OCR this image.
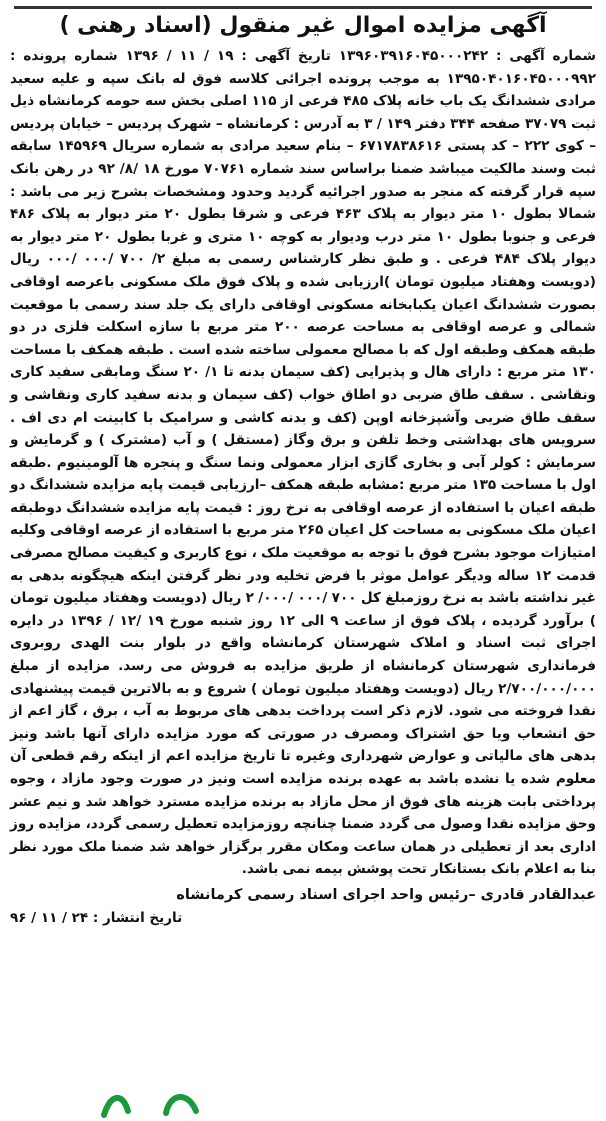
آگهی مزایده اموال غیر منقول (اسناد رهنی )

شماره آگهی : ۱۳۹۶۰۳۹۱۶۰۴۵۰۰۰۲۴۲ تاریخ آگهی : ۱۹ / ۱۱ / ۱۳۹۶ شماره پرونده : ۱۳۹۵۰۴۰۱۶۰۴۵۰۰۰۹۹۲ به موجب پرونده اجرائی کلاسه فوق له بانک سپه و علیه سعید مرادی ششدانگ یک باب خانه پلاک ۴۸۵ فرعی از ۱۱۵ اصلی بخش سه حومه کرمانشاه ذیل ثبت ۳۷۰۷۹ صفحه ۳۴۴ دفتر ۱۴۹ / ۳ به آدرس : کرمانشاه – شهرک پردیس – خیابان پردیس – کوی ۲۲۲ – کد پستی ۶۷۱۷۸۳۸۶۱۶ – بنام سعید مرادی به شماره سریال ۱۴۵۹۶۹ سابقه ثبت وسند مالکیت میباشد ضمنا براساس سند شماره ۷۰۷۶۱ مورخ ۱۸ /۸/ ۹۲ در رهن بانک سپه قرار گرفته که منجر به صدور اجرائیه گردید وحدود ومشخصات بشرح زیر می باشد : شمالا بطول ۱۰ متر دیوار به پلاک ۴۶۳ فرعی و شرقا بطول ۲۰ متر دیوار به پلاک ۴۸۶ فرعی و جنوبا بطول ۱۰ متر درب ودیوار به کوچه ۱۰ متری و غربا بطول ۲۰ متر دیوار به دیوار پلاک ۴۸۴ فرعی . و طبق نظر کارشناس رسمی به مبلغ ۲/ ۷۰۰ /۰۰۰ /۰۰۰ ریال (دویست وهفتاد میلیون تومان )ارزیابی شده و پلاک فوق ملک مسکونی باعرصه اوقافی بصورت ششدانگ اعیان یکبابخانه مسکونی اوقافی دارای یک جلد سند رسمی با موقعیت شمالی و عرصه اوقافی به مساحت عرصه ۲۰۰ متر مربع با سازه اسکلت فلزی در دو طبقه همکف وطبقه اول که با مصالح معمولی ساخته شده است . طبقه همکف با مساحت ۱۳۰ متر مربع : دارای هال و پذیرایی (کف سیمان بدنه تا ۱/ ۲۰ سنگ ومابقی سفید کاری ونقاشی . سقف طاق ضربی دو اطاق خواب (کف سیمان و بدنه سفید کاری ونقاشی و سقف طاق ضربی وآشپزخانه اوپن (کف و بدنه کاشی و سرامیک با کابینت ام دی اف . سرویس های بهداشتی وخط تلفن و برق وگاز (مستقل ) و آب (مشترک ) و گرمایش و سرمایش : کولر آبی و بخاری گازی ابزار معمولی ونما سنگ و پنجره ها آلومینیوم .طبقه اول با مساحت ۱۳۵ متر مربع :مشابه طبقه همکف –ارزیابی قیمت پایه مزایده ششدانگ دو طبقه اعیان با استفاده از عرصه اوقافی به نرخ روز : قیمت پایه مزایده ششدانگ دوطبقه اعیان ملک مسکونی به مساحت کل اعیان ۲۶۵ متر مربع با استفاده از عرصه اوقافی وکلیه امتیازات موجود بشرح فوق با توجه به موقعیت ملک ، نوع کاربری و کیفیت مصالح مصرفی قدمت ۱۲ ساله ودیگر عوامل موثر با فرض تخلیه ودر نظر گرفتن اینکه هیچگونه بدهی به غیر نداشته باشد به نرخ روزمبلغ کل ۷۰۰ /۰۰۰ /۰۰۰/ ۲ ریال (دویست وهفتاد میلیون تومان ) برآورد گردیده ، پلاک فوق از ساعت ۹ الی ۱۲ روز شنبه مورخ ۱۹ /۱۲ / ۱۳۹۶ در دایره اجرای ثبت اسناد و املاک شهرستان کرمانشاه واقع در بلوار بنت الهدی روبروی فرمانداری شهرستان کرمانشاه از طریق مزایده به فروش می رسد. مزایده از مبلغ ۲/۷۰۰/۰۰۰/۰۰۰ ریال (دویست وهفتاد میلیون تومان ) شروع و به بالاترین قیمت پیشنهادی نقدا فروخته می شود. لازم ذکر است پرداخت بدهی های مربوط به آب ، برق ، گاز اعم از حق انشعاب ویا حق اشتراک ومصرف در صورتی که مورد مزایده دارای آنها باشد ونیز بدهی های مالیاتی و عوارض شهرداری وغیره تا تاریخ مزایده اعم از اینکه رقم قطعی آن معلوم شده یا نشده باشد به عهده برنده مزایده است ونیز در صورت وجود مازاد ، وجوه پرداختی بابت هزینه های فوق از محل مازاد به برنده مزایده مسترد خواهد شد و نیم عشر وحق مزایده نقدا وصول می گردد ضمنا چنانچه روزمزایده تعطیل رسمی گردد، مزایده روز اداری بعد از تعطیلی در همان ساعت ومکان مقرر برگزار خواهد شد ضمنا ملک مورد نظر بنا به اعلام بانک بستانکار تحت پوشش بیمه نمی باشد.

عبدالقادر قادری –رئیس واحد اجرای اسناد رسمی کرمانشاه
تاریخ انتشار : ۲۴ / ۱۱ / ۹۶
